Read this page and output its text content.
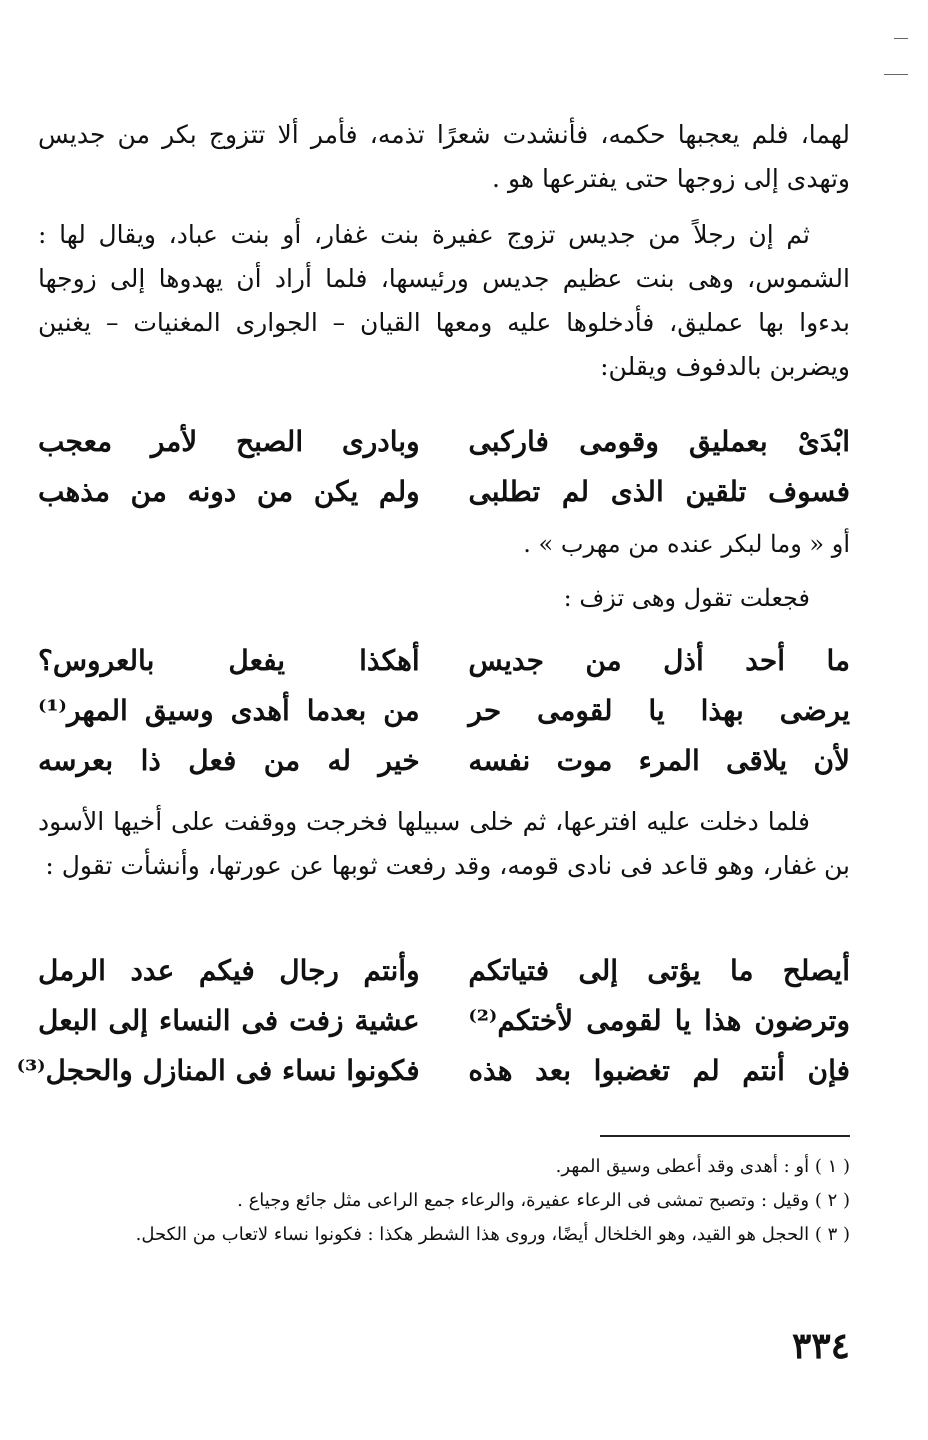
لهما، فلم يعجبها حكمه، فأنشدت شعرًا تذمه، فأمر ألا تتزوج بكر من جديس وتهدى إلى زوجها حتى يفترعها هو .

ثم إن رجلاً من جديس تزوج عفيرة بنت غفار، أو بنت عباد، ويقال لها : الشموس، وهى بنت عظيم جديس ورئيسها، فلما أراد أن يهدوها إلى زوجها بدءوا بها عمليق، فأدخلوها عليه ومعها القيان – الجوارى المغنيات – يغنين ويضربن بالدفوف ويقلن:

ابْدَىْ بعمليق وقومى فاركبى
وبادرى الصبح لأمر معجب
فسوف تلقين الذى لم تطلبى
ولم يكن من دونه من مذهب

أو « وما لبكر عنده من مهرب » .

فجعلت تقول وهى تزف :

ما أحد أذل من جديس
أهكذا يفعل بالعروس؟
يرضى بهذا يا لقومى حر
من بعدما أهدى وسيق المهر⁽¹⁾
لأن يلاقى المرء موت نفسه
خير له من فعل ذا بعرسه

فلما دخلت عليه افترعها، ثم خلى سبيلها فخرجت ووقفت على أخيها الأسود بن غفار، وهو قاعد فى نادى قومه، وقد رفعت ثوبها عن عورتها، وأنشأت تقول :

أيصلح ما يؤتى إلى فتياتكم
وأنتم رجال فيكم عدد الرمل
وترضون هذا يا لقومى لأختكم⁽²⁾
عشية زفت فى النساء إلى البعل
فإن أنتم لم تغضبوا بعد هذه
فكونوا نساء فى المنازل والحجل⁽³⁾
( ١ ) أو : أهدى وقد أعطى وسيق المهر.
( ٢ ) وقيل : وتصبح تمشى فى الرعاء عفيرة، والرعاء جمع الراعى مثل جائع وجياع .
( ٣ ) الحجل هو القيد، وهو الخلخال أيضًا، وروى هذا الشطر هكذا : فكونوا نساء لاتعاب من الكحل.
٣٣٤
